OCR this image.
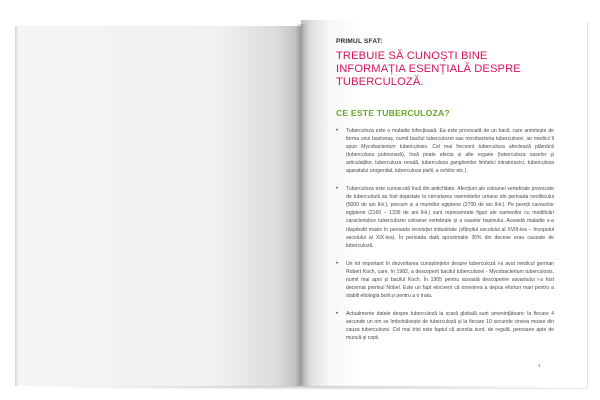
PRIMUL SFAT:
TREBUIE SĂ CUNOȘTI BINE INFORMAȚIA ESENȚIALĂ DESPRE TUBERCULOZĂ.
CE ESTE TUBERCULOZA?
• Tuberculoza este o maladie infecțioasă. Ea este provocată de un bacil, care amintește de forma unui bastonaș, numit bacilul tuberculozei sau micobacteria tuberculozei, iar medicii îl spun Mycobacterium tuberculosis. Cel mai frecvent tuberculoza afectează plămânii (tuberculoza pulmonară), însă poate afecta și alte organe (tuberculoza oaselor și articulațiilor, tuberculoza renală, tuberculoza ganglionilor limfatici intratoracici, tuberculoza aparatului urogenital, tuberculoza pielii, a ochilor etc.).
• Tuberculoza este cunoscută încă din antichitate. Afecțiuni ale coloanei vertebrale provocate de tuberculoză au fost depistate la cercetarea osemintelor umane din perioada neoliticului (5000 de ani îHr.), precum și a mumiilor egiptene (2700 de ani îHr.). Pe pereții cavourilor egiptene (2160 – 1335 de ani îHr.) sunt reprezentate figuri ale oamenilor cu modificări caracteristice tuberculozei coloanei vertebrale și a oaselor bazinului. Această maladie s-a răspândit masiv în perioada revoluției industriale (sfârșitul secolului al XVIII-lea – începutul secolului al XIX-lea). În perioada dată aproximativ 30% din decese erau cauzate de tuberculoză.
• Un rol important în dezvoltarea cunoștințelor despre tuberculoză l-a avut medicul german Robert Koch, care, în 1982, a descoperit bacilul tuberculozei - Mycobacterium tuberculosis, numit mai apoi și bacilul Koch. În 1905 pentru această descoperire savantului i-a fost decernat premiul Nobel. Este un fapt elocvent că omenirea a depus eforturi mari pentru a stabili etiologia bolii și pentru a o trata.
• Actualmente datele despre tuberculoză la scară globală sunt amenințătoare: la fiecare 4 secunde un om se îmbolnăvește de tuberculoză și la fiecare 10 secunde cineva moare din cauza tuberculozei. Cel mai trist este faptul că acestia sunt, de regulă, persoane apte de muncă și copii.
1
